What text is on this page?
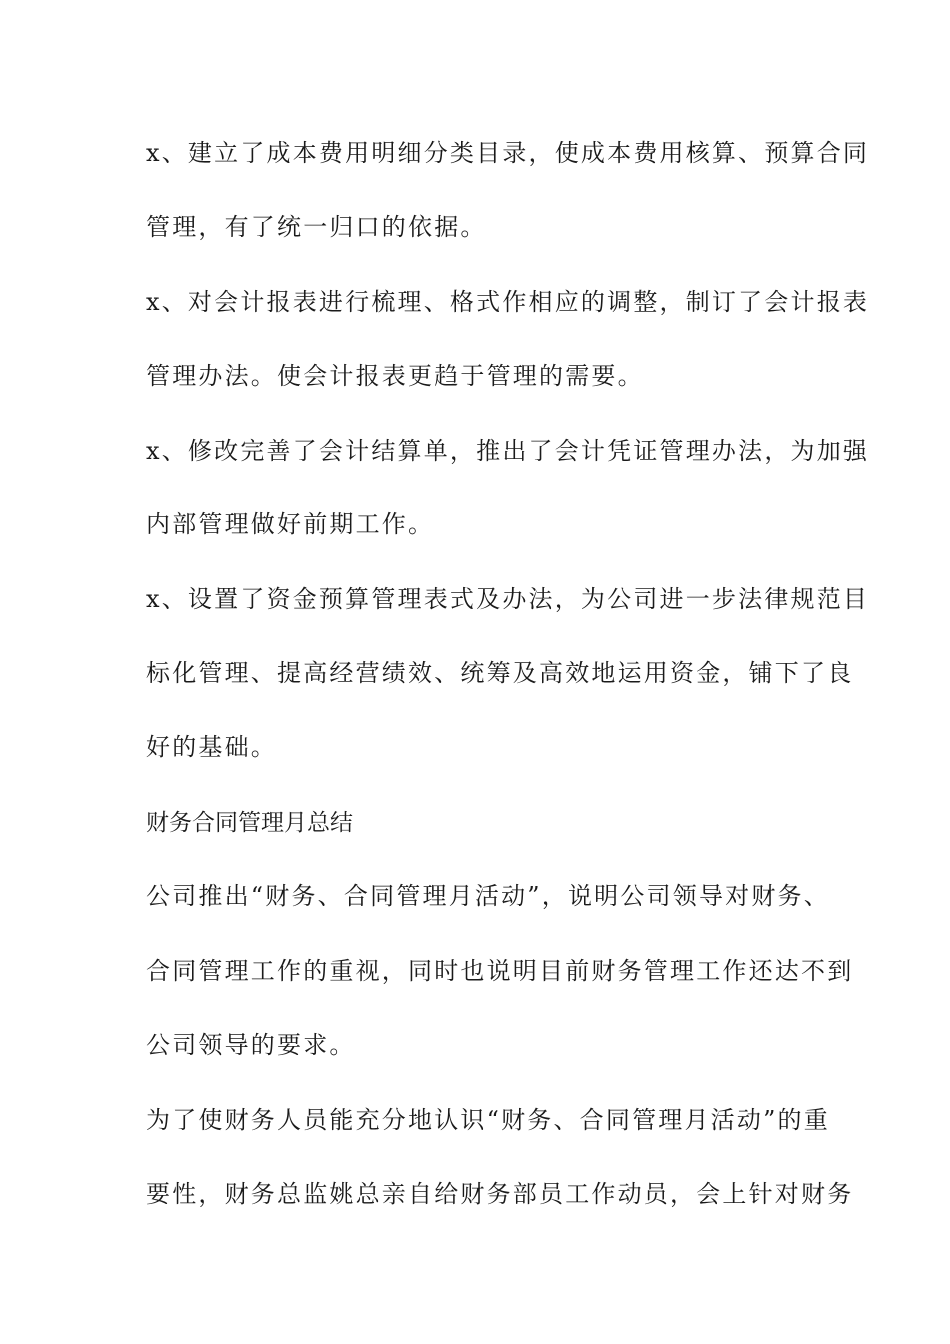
x、建立了成本费用明细分类目录，使成本费用核算、预算合同
管理，有了统一归口的依据。
x、对会计报表进行梳理、格式作相应的调整，制订了会计报表
管理办法。使会计报表更趋于管理的需要。
x、修改完善了会计结算单，推出了会计凭证管理办法，为加强
内部管理做好前期工作。
x、设置了资金预算管理表式及办法，为公司进一步法律规范目
标化管理、提高经营绩效、统筹及高效地运用资金，铺下了良
好的基础。
财务合同管理月总结
公司推出“财务、合同管理月活动”，说明公司领导对财务、
合同管理工作的重视，同时也说明目前财务管理工作还达不到
公司领导的要求。
为了使财务人员能充分地认识“财务、合同管理月活动”的重
要性，财务总监姚总亲自给财务部员工作动员，会上针对财务
